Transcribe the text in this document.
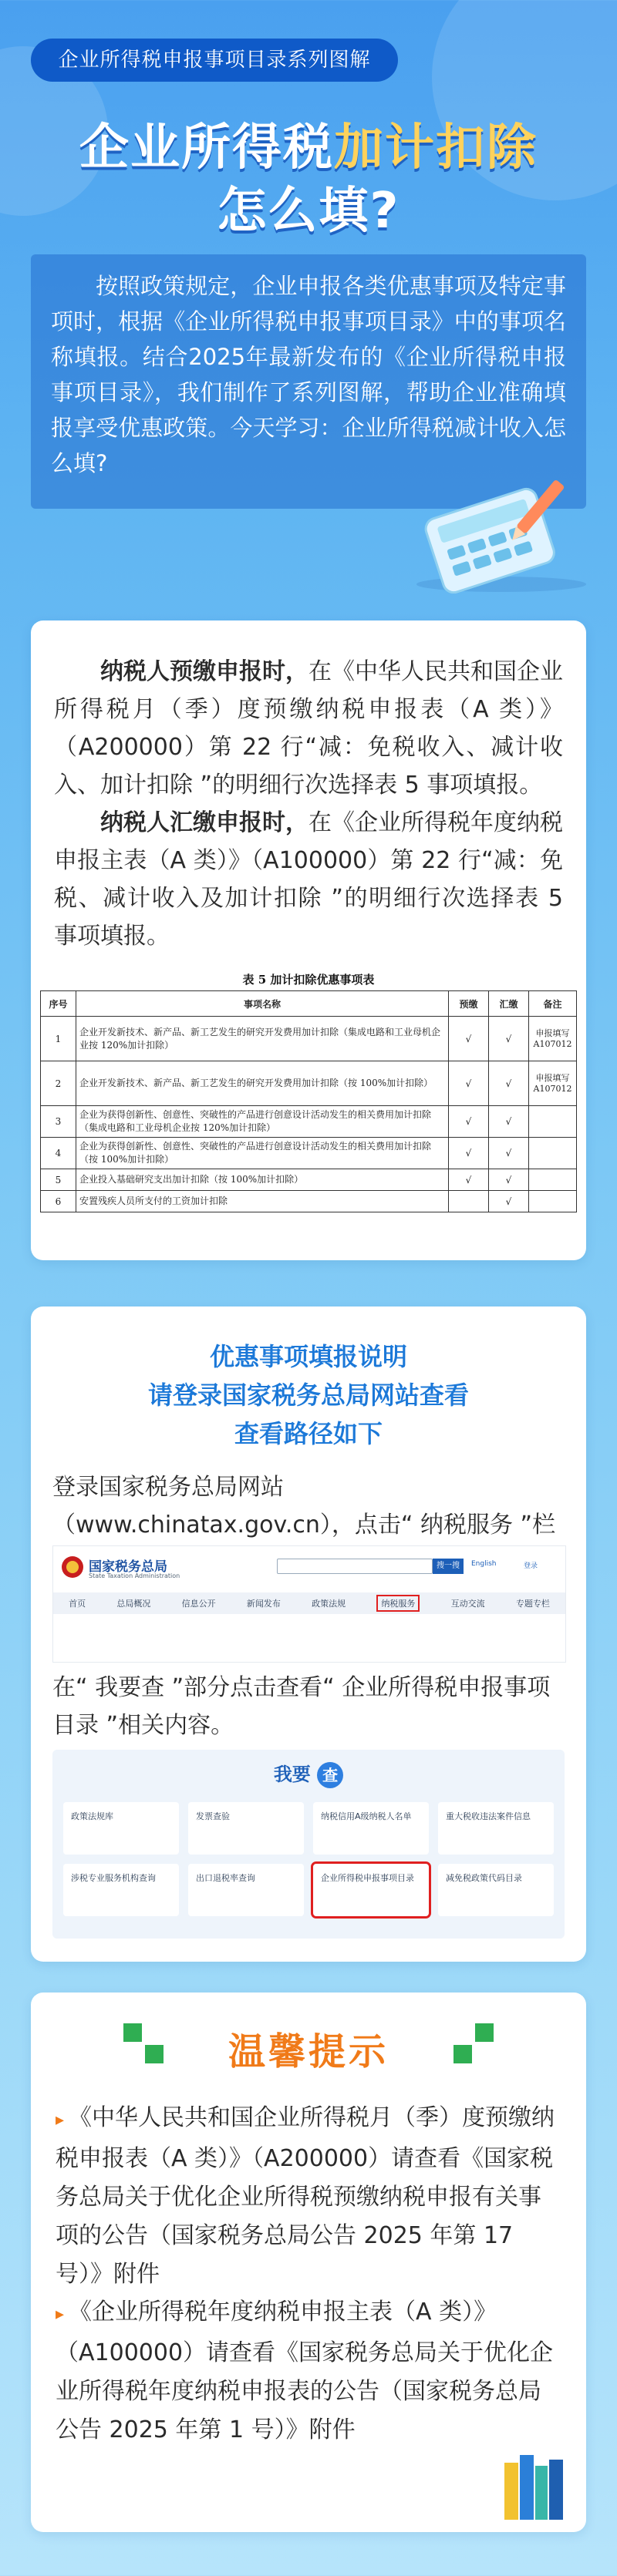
企业所得税申报事项目录系列图解
企业所得税加计扣除
怎么填?
按照政策规定，企业申报各类优惠事项及特定事项时，根据《企业所得税申报事项目录》中的事项名称填报。结合2025年最新发布的《企业所得税申报事项目录》，我们制作了系列图解，帮助企业准确填报享受优惠政策。今天学习：企业所得税减计收入怎么填?

纳税人预缴申报时，在《中华人民共和国企业所得税月（季）度预缴纳税申报表（A 类）》（A200000）第 22 行“减：免税收入、减计收入、加计扣除 ”的明细行次选择表 5 事项填报。

纳税人汇缴申报时，在《企业所得税年度纳税申报主表（A 类）》（A100000）第 22 行“减：免税、减计收入及加计扣除 ”的明细行次选择表 5 事项填报。

表 5 加计扣除优惠事项表
序号	事项名称	预缴	汇缴	备注
1	企业开发新技术、新产品、新工艺发生的研究开发费用加计扣除（集成电路和工业母机企业按 120%加计扣除）	√	√	申报填写A107012
2	企业开发新技术、新产品、新工艺发生的研究开发费用加计扣除（按 100%加计扣除）	√	√	申报填写A107012
3	企业为获得创新性、创意性、突破性的产品进行创意设计活动发生的相关费用加计扣除（集成电路和工业母机企业按 120%加计扣除）	√	√	
4	企业为获得创新性、创意性、突破性的产品进行创意设计活动发生的相关费用加计扣除（按 100%加计扣除）	√	√	
5	企业投入基础研究支出加计扣除（按 100%加计扣除）	√	√	
6	安置残疾人员所支付的工资加计扣除		√	
优惠事项填报说明
请登录国家税务总局网站查看
查看路径如下

登录国家税务总局网站（www.chinatax.gov.cn），点击“ 纳税服务 ”栏

国家税务总局
State Taxation Administration
搜一搜	English	登录
首页	总局概况	信息公开	新闻发布	政策法规	纳税服务	互动交流	专题专栏

在“ 我要查 ”部分点击查看“ 企业所得税申报事项目录 ”相关内容。

我要 查
政策法规库	发票查验	纳税信用A级纳税人名单	重大税收违法案件信息
涉税专业服务机构查询	出口退税率查询	企业所得税申报事项目录	减免税政策代码目录
温馨提示

▸ 《中华人民共和国企业所得税月（季）度预缴纳税申报表（A 类）》（A200000）请查看《国家税务总局关于优化企业所得税预缴纳税申报有关事项的公告（国家税务总局公告 2025 年第 17 号）》附件

▸ 《企业所得税年度纳税申报主表（A 类）》（A100000）请查看《国家税务总局关于优化企业所得税年度纳税申报表的公告（国家税务总局公告 2025 年第 1 号）》附件
